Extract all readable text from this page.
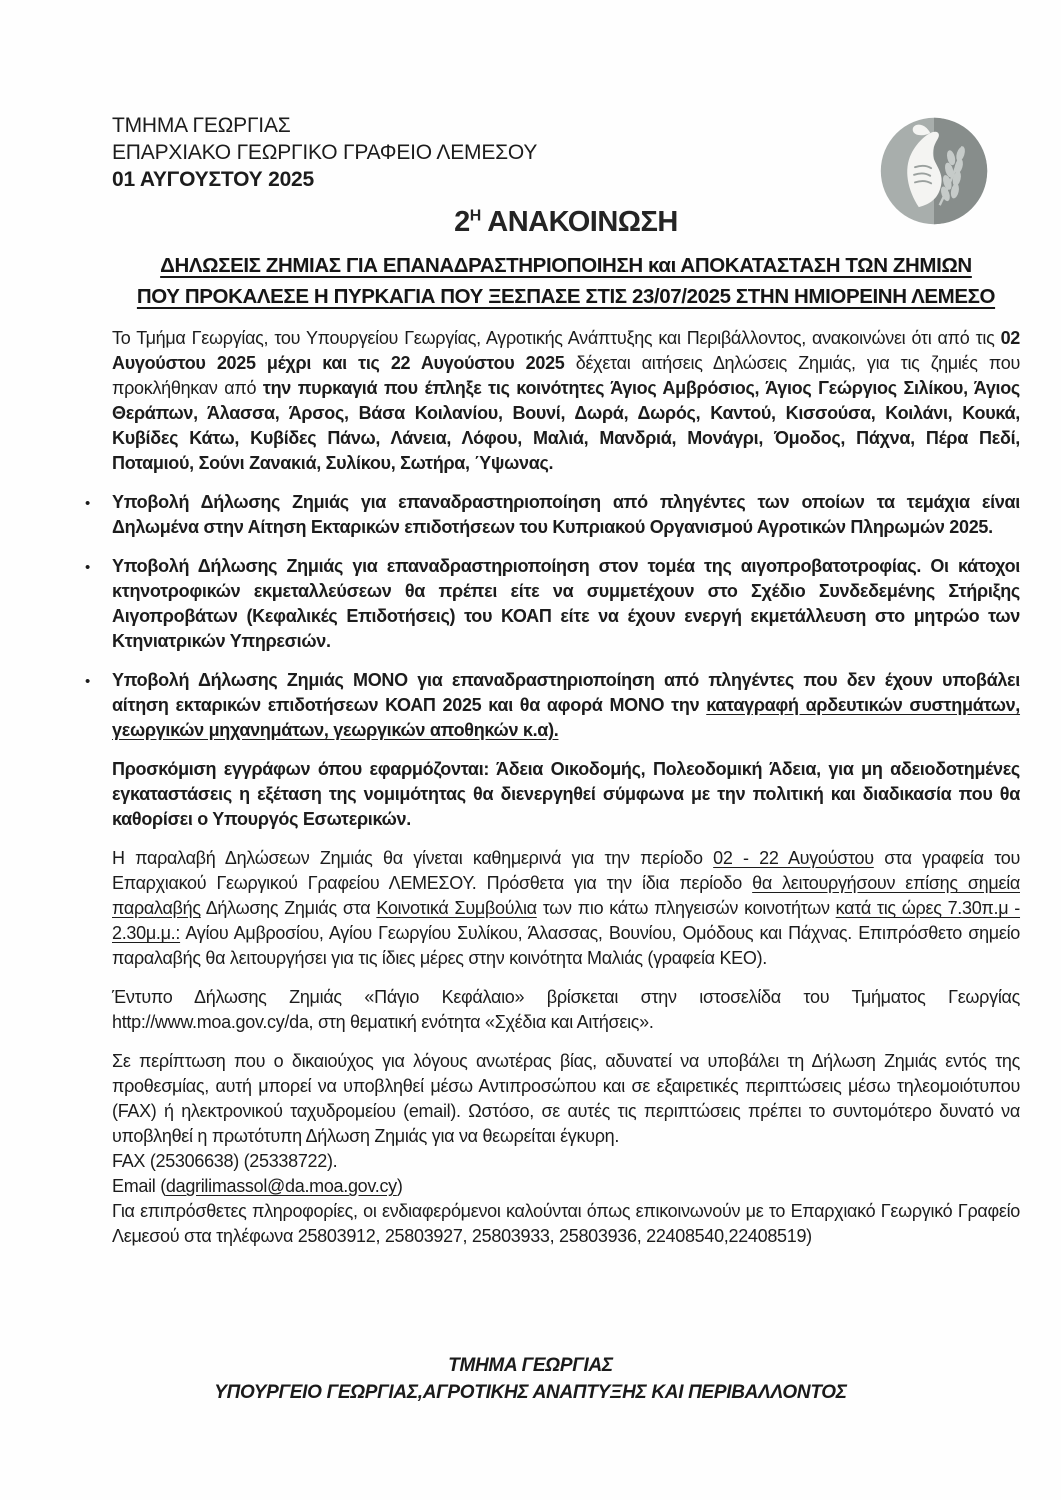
ΤΜΗΜΑ ΓΕΩΡΓΙΑΣ
ΕΠΑΡΧΙΑΚΟ ΓΕΩΡΓΙΚΟ ΓΡΑΦΕΙΟ ΛΕΜΕΣΟΥ
01 ΑΥΓΟΥΣΤΟΥ 2025
$2^H$ ΑΝΑΚΟΙΝΩΣΗ
ΔΗΛΩΣΕΙΣ ΖΗΜΙΑΣ ΓΙΑ ΕΠΑΝΑΔΡΑΣΤΗΡΙΟΠΟΙΗΣΗ και ΑΠΟΚΑΤΑΣΤΑΣΗ ΤΩΝ ΖΗΜΙΩΝ
ΠΟΥ ΠΡΟΚΑΛΕΣΕ Η ΠΥΡΚΑΓΙΑ ΠΟΥ ΞΕΣΠΑΣΕ ΣΤΙΣ 23/07/2025 ΣΤΗΝ ΗΜΙΟΡΕΙΝΗ ΛΕΜΕΣΟ
Το Τμήμα Γεωργίας, του Υπουργείου Γεωργίας, Αγροτικής Ανάπτυξης και Περιβάλλοντος, ανακοινώνει ότι από τις 02 Αυγούστου 2025 μέχρι και τις 22 Αυγούστου 2025 δέχεται αιτήσεις Δηλώσεις Ζημιάς, για τις ζημιές που προκλήθηκαν από την πυρκαγιά που έπληξε τις κοινότητες Άγιος Αμβρόσιος, Άγιος Γεώργιος Σιλίκου, Άγιος Θεράπων, Άλασσα, Άρσος, Βάσα Κοιλανίου, Βουνί, Δωρά, Δωρός, Καντού, Κισσούσα, Κοιλάνι, Κουκά, Κυβίδες Κάτω, Κυβίδες Πάνω, Λάνεια, Λόφου, Μαλιά, Μανδριά, Μονάγρι, Όμοδος, Πάχνα, Πέρα Πεδί, Ποταμιού, Σούνι Ζανακιά, Συλίκου, Σωτήρα, Ύψωνας.
•	Υποβολή Δήλωσης Ζημιάς για επαναδραστηριοποίηση από πληγέντες των οποίων τα τεμάχια είναι Δηλωμένα στην Αίτηση Εκταρικών επιδοτήσεων του Κυπριακού Οργανισμού Αγροτικών Πληρωμών 2025.
•	Υποβολή Δήλωσης Ζημιάς για επαναδραστηριοποίηση στον τομέα της αιγοπροβατοτροφίας. Οι κάτοχοι κτηνοτροφικών εκμεταλλεύσεων θα πρέπει είτε να συμμετέχουν στο Σχέδιο Συνδεδεμένης Στήριξης Αιγοπροβάτων (Κεφαλικές Επιδοτήσεις) του ΚΟΑΠ είτε να έχουν ενεργή εκμετάλλευση στο μητρώο των Κτηνιατρικών Υπηρεσιών.
•	Υποβολή Δήλωσης Ζημιάς ΜΟΝΟ για επαναδραστηριοποίηση από πληγέντες που δεν έχουν υποβάλει αίτηση εκταρικών επιδοτήσεων ΚΟΑΠ 2025 και θα αφορά ΜΟΝΟ την καταγραφή αρδευτικών συστημάτων, γεωργικών μηχανημάτων, γεωργικών αποθηκών κ.α).
Προσκόμιση εγγράφων όπου εφαρμόζονται: Άδεια Οικοδομής, Πολεοδομική Άδεια, για μη αδειοδοτημένες εγκαταστάσεις η εξέταση της νομιμότητας θα διενεργηθεί σύμφωνα με την πολιτική και διαδικασία που θα καθορίσει ο Υπουργός Εσωτερικών.
Η παραλαβή Δηλώσεων Ζημιάς θα γίνεται καθημερινά για την περίοδο 02 - 22 Αυγούστου στα γραφεία του Επαρχιακού Γεωργικού Γραφείου ΛΕΜΕΣΟΥ. Πρόσθετα για την ίδια περίοδο θα λειτουργήσουν επίσης σημεία παραλαβής Δήλωσης Ζημιάς στα Κοινοτικά Συμβούλια των πιο κάτω πληγεισών κοινοτήτων κατά τις ώρες 7.30π.μ - 2.30μ.μ.: Αγίου Αμβροσίου, Αγίου Γεωργίου Συλίκου, Άλασσας, Βουνίου, Ομόδους και Πάχνας. Επιπρόσθετο σημείο παραλαβής θα λειτουργήσει για τις ίδιες μέρες στην κοινότητα Μαλιάς (γραφεία ΚΕΟ).
Έντυπο Δήλωσης Ζημιάς «Πάγιο Κεφάλαιο» βρίσκεται στην ιστοσελίδα του Τμήματος Γεωργίας http://www.moa.gov.cy/da, στη θεματική ενότητα «Σχέδια και Αιτήσεις».
Σε περίπτωση που ο δικαιούχος για λόγους ανωτέρας βίας, αδυνατεί να υποβάλει τη Δήλωση Ζημιάς εντός της προθεσμίας, αυτή μπορεί να υποβληθεί μέσω Αντιπροσώπου και σε εξαιρετικές περιπτώσεις μέσω τηλεομοιότυπου (FAX) ή ηλεκτρονικού ταχυδρομείου (email). Ωστόσο, σε αυτές τις περιπτώσεις πρέπει το συντομότερο δυνατό να υποβληθεί η πρωτότυπη Δήλωση Ζημιάς για να θεωρείται έγκυρη.
FAX (25306638) (25338722).
Email (dagrilimassol@da.moa.gov.cy)
Για επιπρόσθετες πληροφορίες, οι ενδιαφερόμενοι καλούνται όπως επικοινωνούν με το Επαρχιακό Γεωργικό Γραφείο Λεμεσού στα τηλέφωνα 25803912, 25803927, 25803933, 25803936, 22408540,22408519)
ΤΜΗΜΑ ΓΕΩΡΓΙΑΣ
ΥΠΟΥΡΓΕΙΟ ΓΕΩΡΓΙΑΣ,ΑΓΡΟΤΙΚΗΣ ΑΝΑΠΤΥΞΗΣ ΚΑΙ ΠΕΡΙΒΑΛΛΟΝΤΟΣ
